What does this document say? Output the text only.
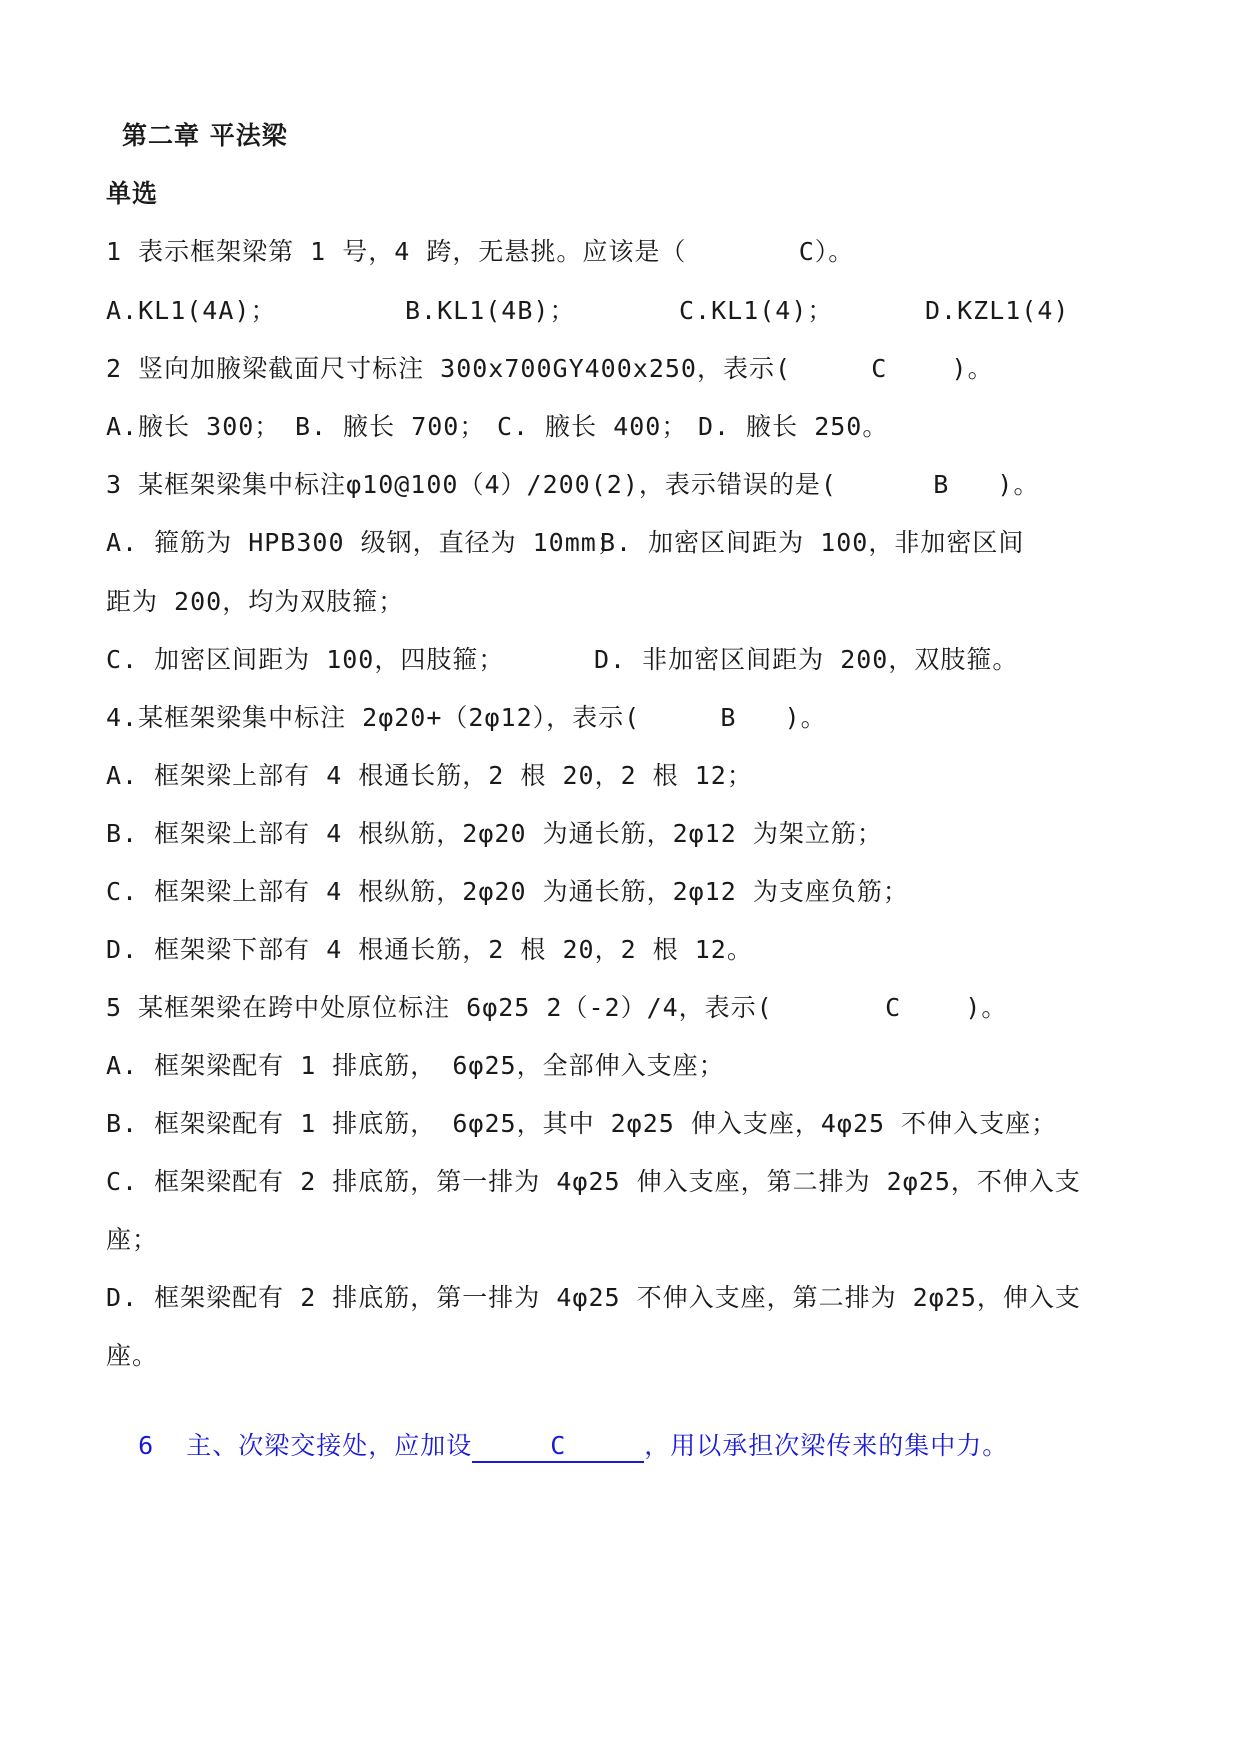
第二章 平法梁
单选
1 表示框架梁第 1 号，4 跨，无悬挑。应该是（       C）。
A.KL1(4A)；	B.KL1(4B)；	C.KL1(4)；	D.KZL1(4)
2 竖向加腋梁截面尺寸标注 300x700GY400x250，表示(     C    )。
A.腋长 300； B. 腋长 700； C. 腋长 400； D. 腋长 250。
3 某框架梁集中标注φ10@100（4）/200(2)，表示错误的是(      B   )。
A. 箍筋为 HPB300 级钢，直径为 10mm；
B. 加密区间距为 100，非加密区间
距为 200，均为双肢箍；
C. 加密区间距为 100，四肢箍；	D. 非加密区间距为 200，双肢箍。
4.某框架梁集中标注 2φ20+（2φ12），表示(     B   )。
A. 框架梁上部有 4 根通长筋，2 根 20，2 根 12；
B. 框架梁上部有 4 根纵筋，2φ20 为通长筋，2φ12 为架立筋；
C. 框架梁上部有 4 根纵筋，2φ20 为通长筋，2φ12 为支座负筋；
D. 框架梁下部有 4 根通长筋，2 根 20，2 根 12。
5 某框架梁在跨中处原位标注 6φ25 2（-2）/4，表示(       C    )。
A. 框架梁配有 1 排底筋， 6φ25，全部伸入支座；
B. 框架梁配有 1 排底筋， 6φ25，其中 2φ25 伸入支座，4φ25 不伸入支座；
C. 框架梁配有 2 排底筋，第一排为 4φ25 伸入支座，第二排为 2φ25，不伸入支
座；
D. 框架梁配有 2 排底筋，第一排为 4φ25 不伸入支座，第二排为 2φ25，伸入支
座。

6  主、次梁交接处，应加设	C	，用以承担次梁传来的集中力。
